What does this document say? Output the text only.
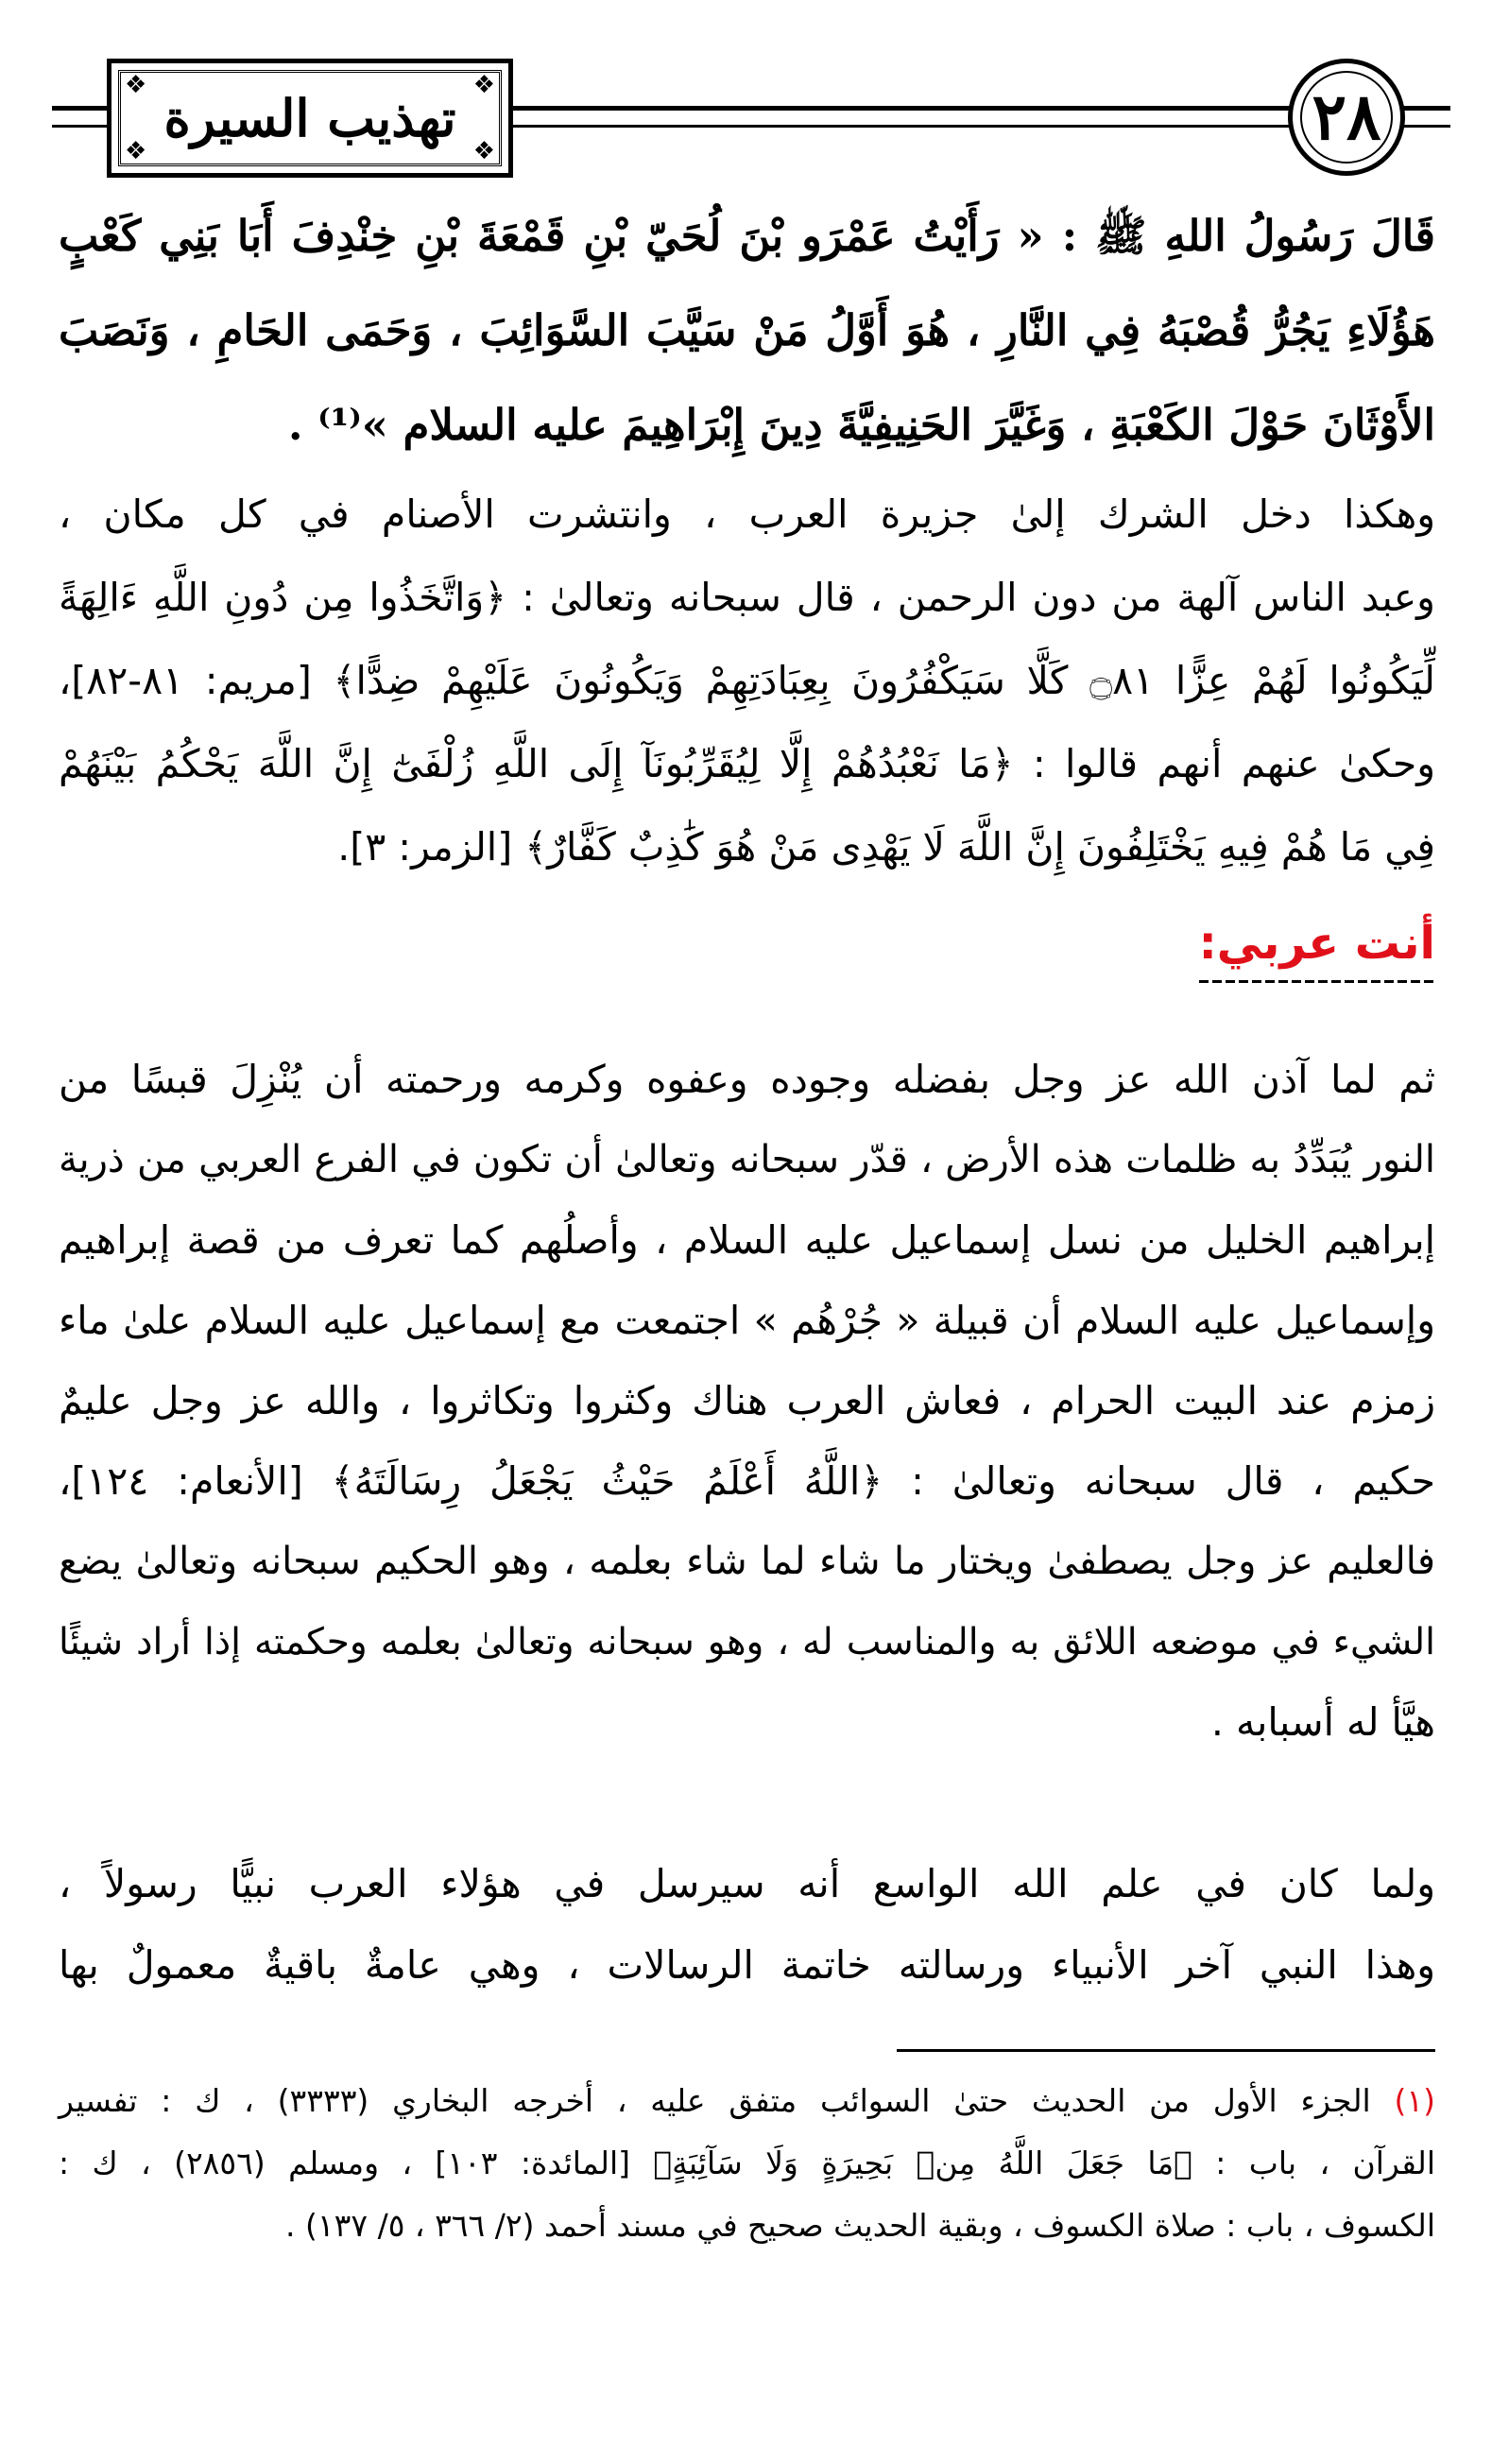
٢٨
❖	❖
❖	❖
تهذيب السيرة
قَالَ رَسُولُ اللهِ ﷺ : « رَأَيْتُ عَمْرَو بْنَ لُحَيّ بْنِ قَمْعَةَ بْنِ خِنْدِفَ أَبَا بَنِي كَعْبٍ
هَؤُلَاءِ يَجُرُّ قُصْبَهُ فِي النَّارِ ، هُوَ أَوَّلُ مَنْ سَيَّبَ السَّوَائِبَ ، وَحَمَى الحَامِ ، وَنَصَبَ
الأَوْثَانَ حَوْلَ الكَعْبَةِ ، وَغَيَّرَ الحَنِيفِيَّةَ دِينَ إِبْرَاهِيمَ عليه السلام »⁽¹⁾ .
وهكذا دخل الشرك إلىٰ جزيرة العرب ، وانتشرت الأصنام في كل مكان ،
وعبد الناس آلهة من دون الرحمن ، قال سبحانه وتعالىٰ : ﴿وَاتَّخَذُوا مِن دُونِ اللَّهِ ءَالِهَةً
لِّيَكُونُوا لَهُمْ عِزًّا ۝٨١ كَلَّا سَيَكْفُرُونَ بِعِبَادَتِهِمْ وَيَكُونُونَ عَلَيْهِمْ ضِدًّا﴾ [مريم: ٨١-٨٢]،
وحكىٰ عنهم أنهم قالوا : ﴿مَا نَعْبُدُهُمْ إِلَّا لِيُقَرِّبُونَآ إِلَى اللَّهِ زُلْفَىٰٓ إِنَّ اللَّهَ يَحْكُمُ بَيْنَهُمْ
فِي مَا هُمْ فِيهِ يَخْتَلِفُونَ إِنَّ اللَّهَ لَا يَهْدِى مَنْ هُوَ كَٰذِبٌ كَفَّارٌ﴾ [الزمر: ٣].
أنت عربي:
ثم لما آذن الله عز وجل بفضله وجوده وعفوه وكرمه ورحمته أن يُنْزِلَ قبسًا من
النور يُبَدِّدُ به ظلمات هذه الأرض ، قدّر سبحانه وتعالىٰ أن تكون في الفرع العربي من ذرية
إبراهيم الخليل من نسل إسماعيل عليه السلام ، وأصلُهم كما تعرف من قصة إبراهيم
وإسماعيل عليه السلام أن قبيلة « جُرْهُم » اجتمعت مع إسماعيل عليه السلام علىٰ ماء
زمزم عند البيت الحرام ، فعاش العرب هناك وكثروا وتكاثروا ، والله عز وجل عليمٌ
حكيم ، قال سبحانه وتعالىٰ : ﴿اللَّهُ أَعْلَمُ حَيْثُ يَجْعَلُ رِسَالَتَهُ﴾ [الأنعام: ١٢٤]،
فالعليم عز وجل يصطفىٰ ويختار ما شاء لما شاء بعلمه ، وهو الحكيم سبحانه وتعالىٰ يضع
الشيء في موضعه اللائق به والمناسب له ، وهو سبحانه وتعالىٰ بعلمه وحكمته إذا أراد شيئًا
هيَّأ له أسبابه .
ولما كان في علم الله الواسع أنه سيرسل في هؤلاء العرب نبيًّا رسولاً ،
وهذا النبي آخر الأنبياء ورسالته خاتمة الرسالات ، وهي عامةٌ باقيةٌ معمولٌ بها
(١) الجزء الأول من الحديث حتىٰ السوائب متفق عليه ، أخرجه البخاري (٣٣٣٣) ، ك : تفسير
القرآن ، باب : ﴿مَا جَعَلَ اللَّهُ مِنۢ بَحِيرَةٍ وَلَا سَآئِبَةٍ﴾ [المائدة: ١٠٣] ، ومسلم (٢٨٥٦) ، ك :
الكسوف ، باب : صلاة الكسوف ، وبقية الحديث صحيح في مسند أحمد (٢/ ٣٦٦ ، ٥/ ١٣٧) .
